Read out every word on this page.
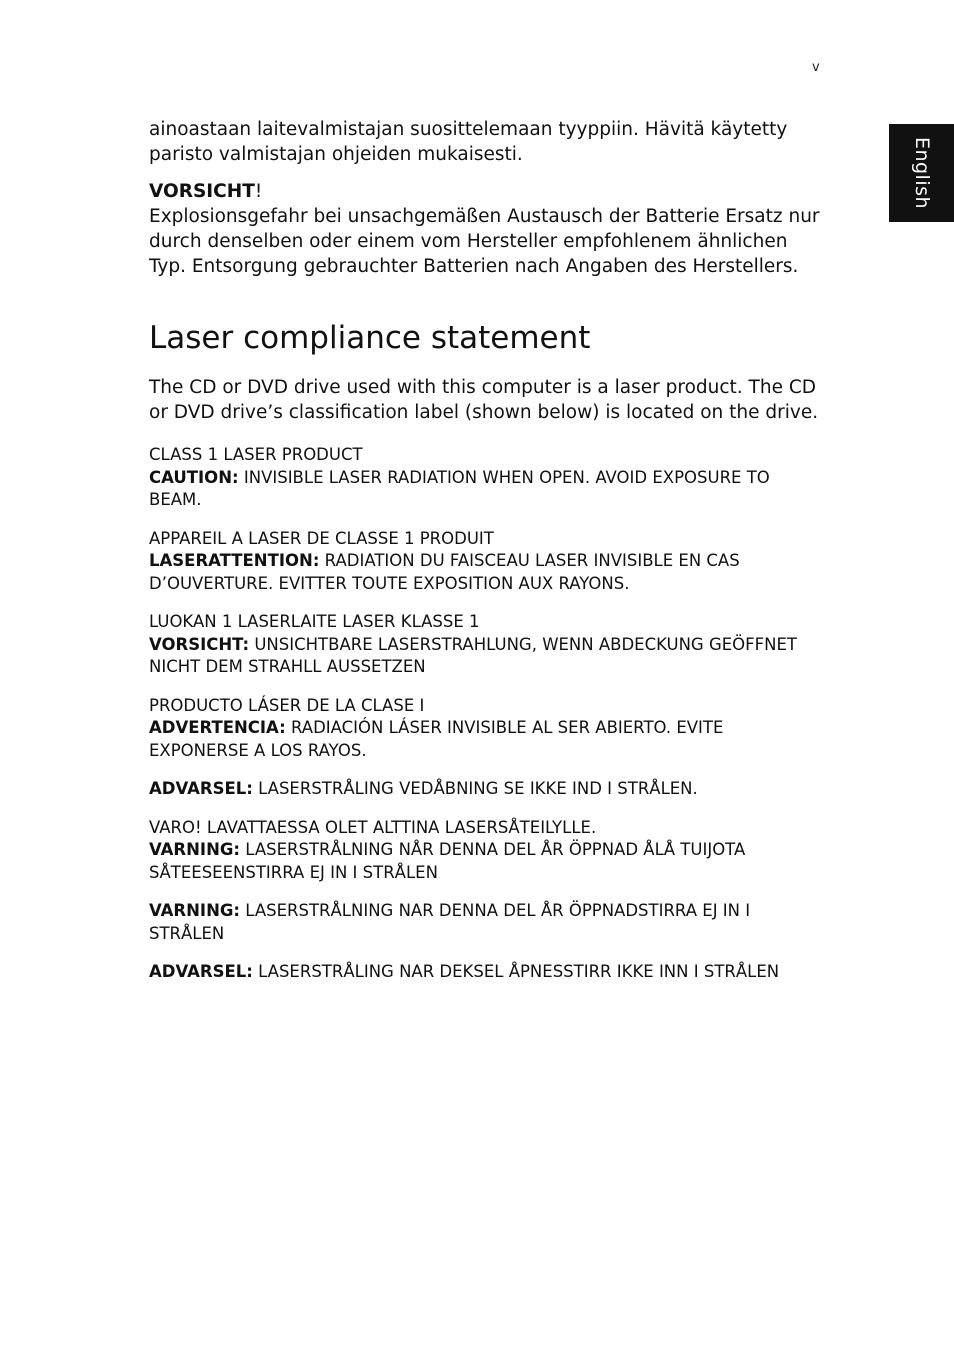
v
English

ainoastaan laitevalmistajan suosittelemaan tyyppiin. Hävitä käytetty paristo valmistajan ohjeiden mukaisesti.

VORSICHT!
Explosionsgefahr bei unsachgemäßen Austausch der Batterie Ersatz nur durch denselben oder einem vom Hersteller empfohlenem ähnlichen Typ. Entsorgung gebrauchter Batterien nach Angaben des Herstellers.

Laser compliance statement

The CD or DVD drive used with this computer is a laser product. The CD or DVD drive’s classification label (shown below) is located on the drive.

CLASS 1 LASER PRODUCT
CAUTION: INVISIBLE LASER RADIATION WHEN OPEN. AVOID EXPOSURE TO BEAM.

APPAREIL A LASER DE CLASSE 1 PRODUIT
LASERATTENTION: RADIATION DU FAISCEAU LASER INVISIBLE EN CAS D’OUVERTURE. EVITTER TOUTE EXPOSITION AUX RAYONS.

LUOKAN 1 LASERLAITE LASER KLASSE 1
VORSICHT: UNSICHTBARE LASERSTRAHLUNG, WENN ABDECKUNG GEÖFFNET NICHT DEM STRAHLL AUSSETZEN

PRODUCTO LÁSER DE LA CLASE I
ADVERTENCIA: RADIACIÓN LÁSER INVISIBLE AL SER ABIERTO. EVITE EXPONERSE A LOS RAYOS.

ADVARSEL: LASERSTRÅLING VEDÅBNING SE IKKE IND I STRÅLEN.

VARO! LAVATTAESSA OLET ALTTINA LASERSÅTEILYLLE.
VARNING: LASERSTRÅLNING NÅR DENNA DEL ÅR ÖPPNAD ÅLÅ TUIJOTA SÅTEESEENSTIRRA EJ IN I STRÅLEN

VARNING: LASERSTRÅLNING NAR DENNA DEL ÅR ÖPPNADSTIRRA EJ IN I STRÅLEN

ADVARSEL: LASERSTRÅLING NAR DEKSEL ÅPNESSTIRR IKKE INN I STRÅLEN
